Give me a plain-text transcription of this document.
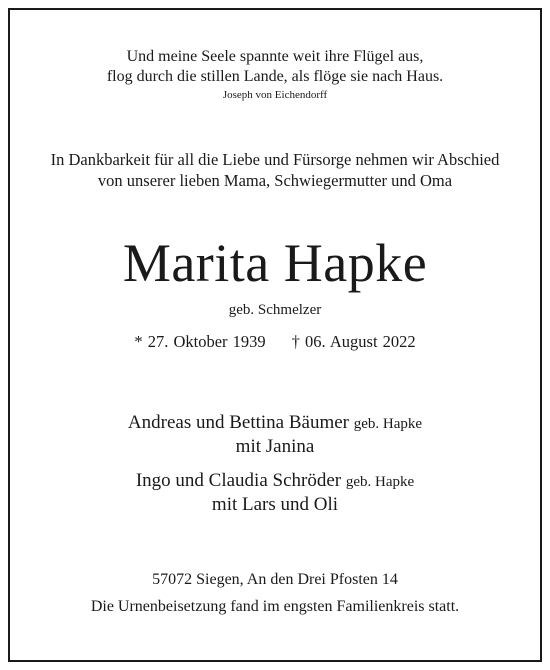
Und meine Seele spannte weit ihre Flügel aus,
flog durch die stillen Lande, als flöge sie nach Haus.
Joseph von Eichendorff
In Dankbarkeit für all die Liebe und Fürsorge nehmen wir Abschied
von unserer lieben Mama, Schwiegermutter und Oma
Marita Hapke
geb. Schmelzer
* 27. Oktober 1939 † 06. August 2022
Andreas und Bettina Bäumer geb. Hapke
mit Janina
Ingo und Claudia Schröder geb. Hapke
mit Lars und Oli
57072 Siegen, An den Drei Pfosten 14
Die Urnenbeisetzung fand im engsten Familienkreis statt.
